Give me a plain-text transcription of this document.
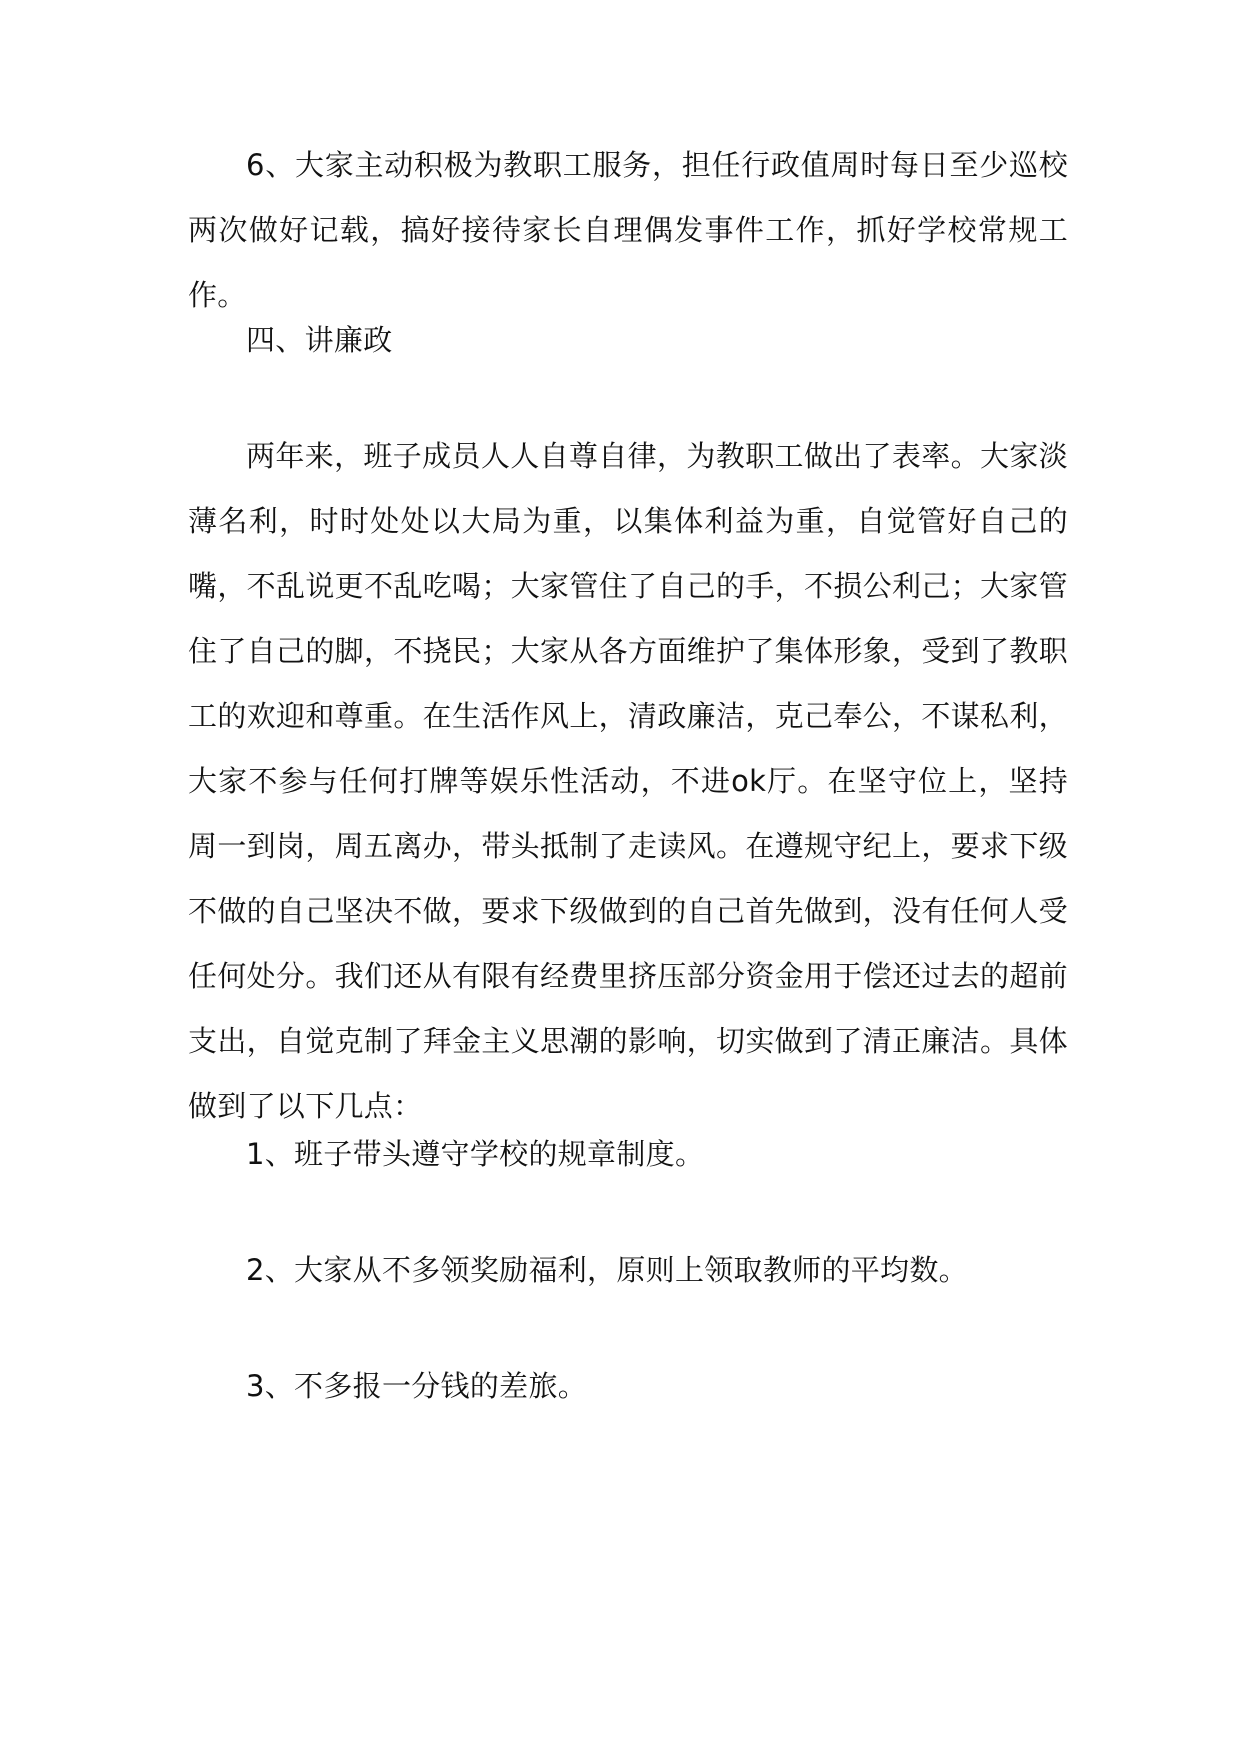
6、大家主动积极为教职工服务，担任行政值周时每日至少巡校两次做好记载，搞好接待家长自理偶发事件工作，抓好学校常规工作。

四、讲廉政

两年来，班子成员人人自尊自律，为教职工做出了表率。大家淡薄名利，时时处处以大局为重，以集体利益为重，自觉管好自己的嘴，不乱说更不乱吃喝；大家管住了自己的手，不损公利己；大家管住了自己的脚，不挠民；大家从各方面维护了集体形象，受到了教职工的欢迎和尊重。在生活作风上，清政廉洁，克己奉公，不谋私利，大家不参与任何打牌等娱乐性活动，不进ok厅。在坚守位上，坚持周一到岗，周五离办，带头抵制了走读风。在遵规守纪上，要求下级不做的自己坚决不做，要求下级做到的自己首先做到，没有任何人受任何处分。我们还从有限有经费里挤压部分资金用于偿还过去的超前支出，自觉克制了拜金主义思潮的影响，切实做到了清正廉洁。具体做到了以下几点：

1、班子带头遵守学校的规章制度。

2、大家从不多领奖励福利，原则上领取教师的平均数。

3、不多报一分钱的差旅。
